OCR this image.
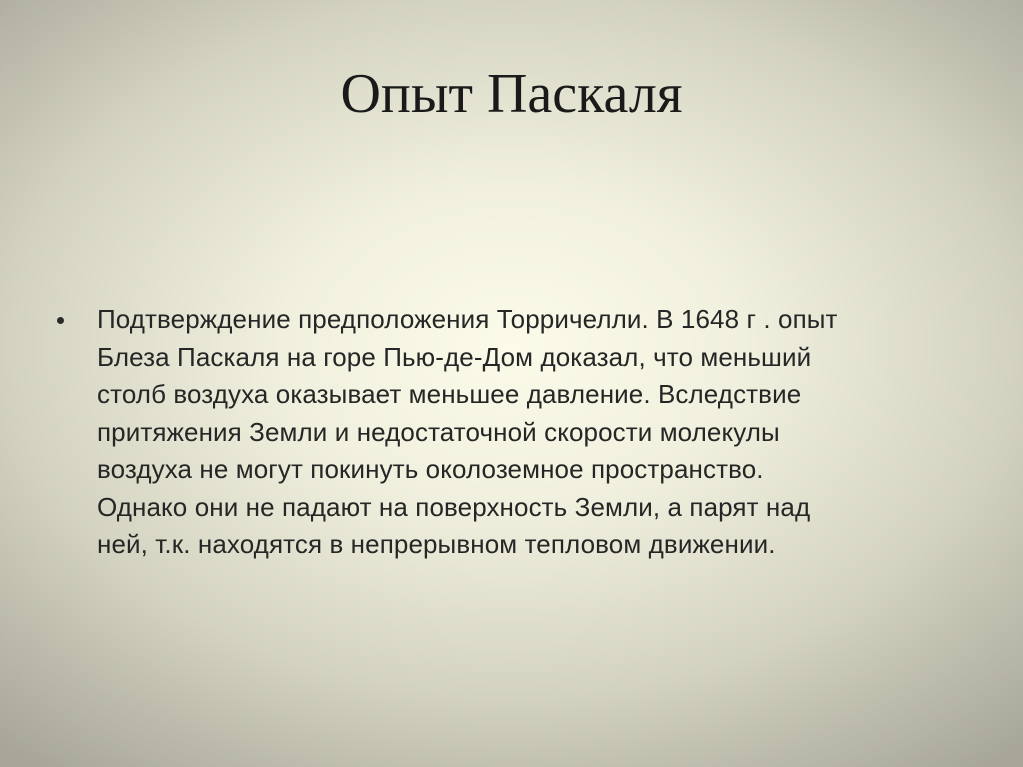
Опыт Паскаля

Подтверждение предположения Торричелли. В 1648 г . опыт
Блеза Паскаля на горе Пью-де-Дом доказал, что меньший
столб воздуха оказывает меньшее давление. Вследствие
притяжения Земли и недостаточной скорости молекулы
воздуха не могут покинуть околоземное пространство.
Однако они не падают на поверхность Земли, а парят над
ней, т.к. находятся в непрерывном тепловом движении.
